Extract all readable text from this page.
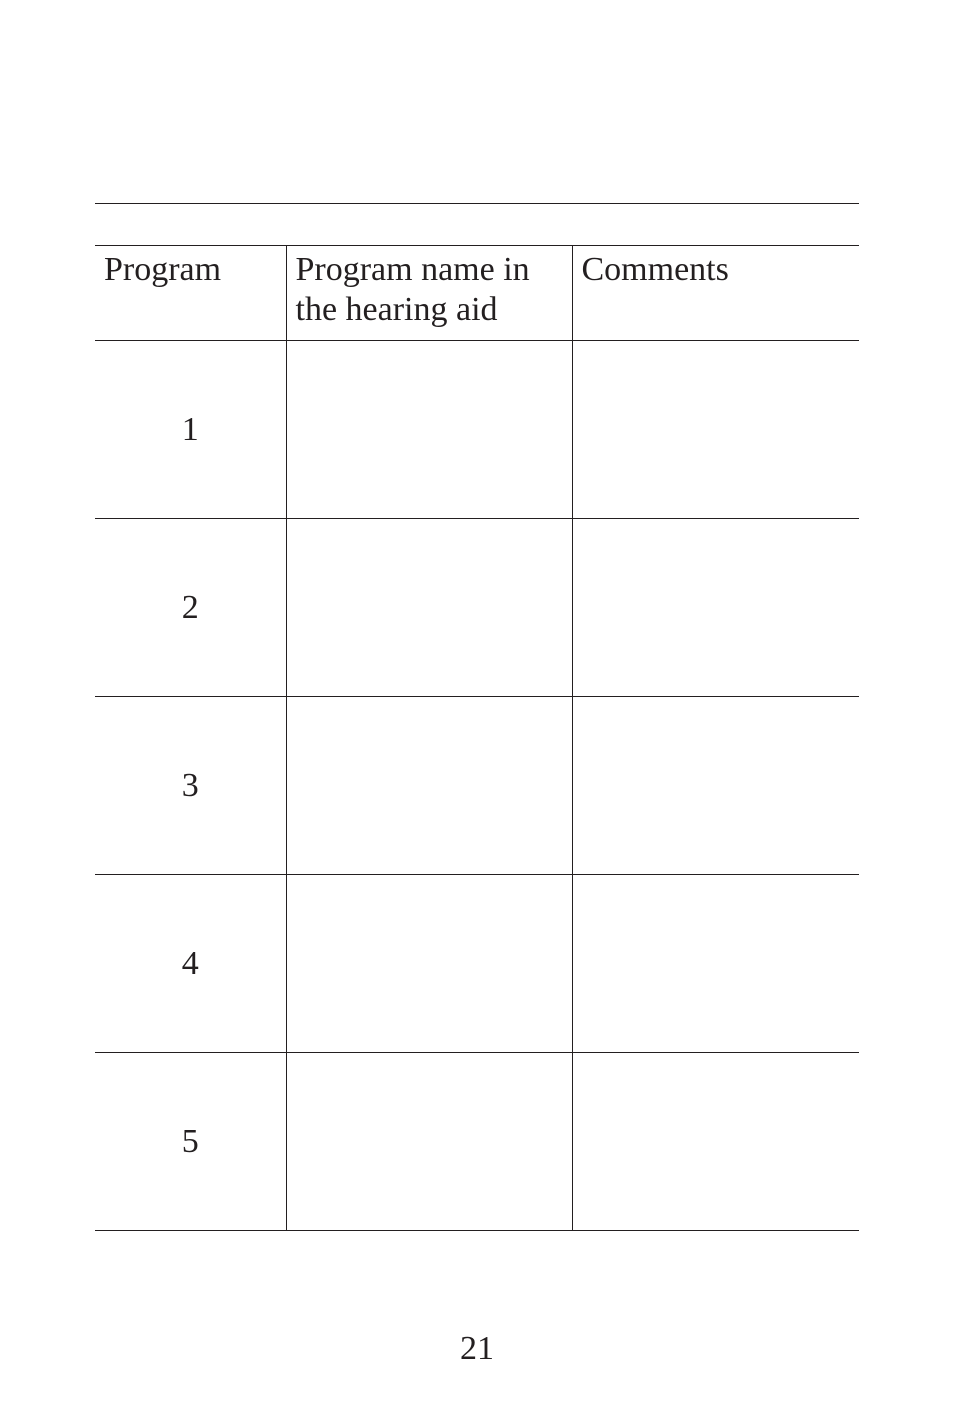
Program	Program name in the hearing aid	Comments
1		
2		
3		
4		
5		
21
